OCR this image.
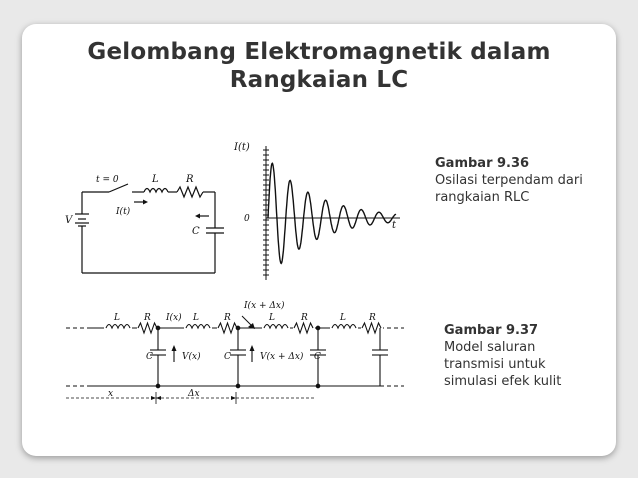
Gelombang Elektromagnetik dalam
Rangkaian LC
t = 0	L	R
I(t)
V
C
I(t)
0
t
Gambar 9.36
Osilasi terpendam dari
rangkaian RLC
L	R I(x) L	R
I(x + Δx)
L	R	L	R
C	V(x)	C	V(x + Δx) C
x	Δx
Gambar 9.37
Model saluran
transmisi untuk
simulasi efek kulit
